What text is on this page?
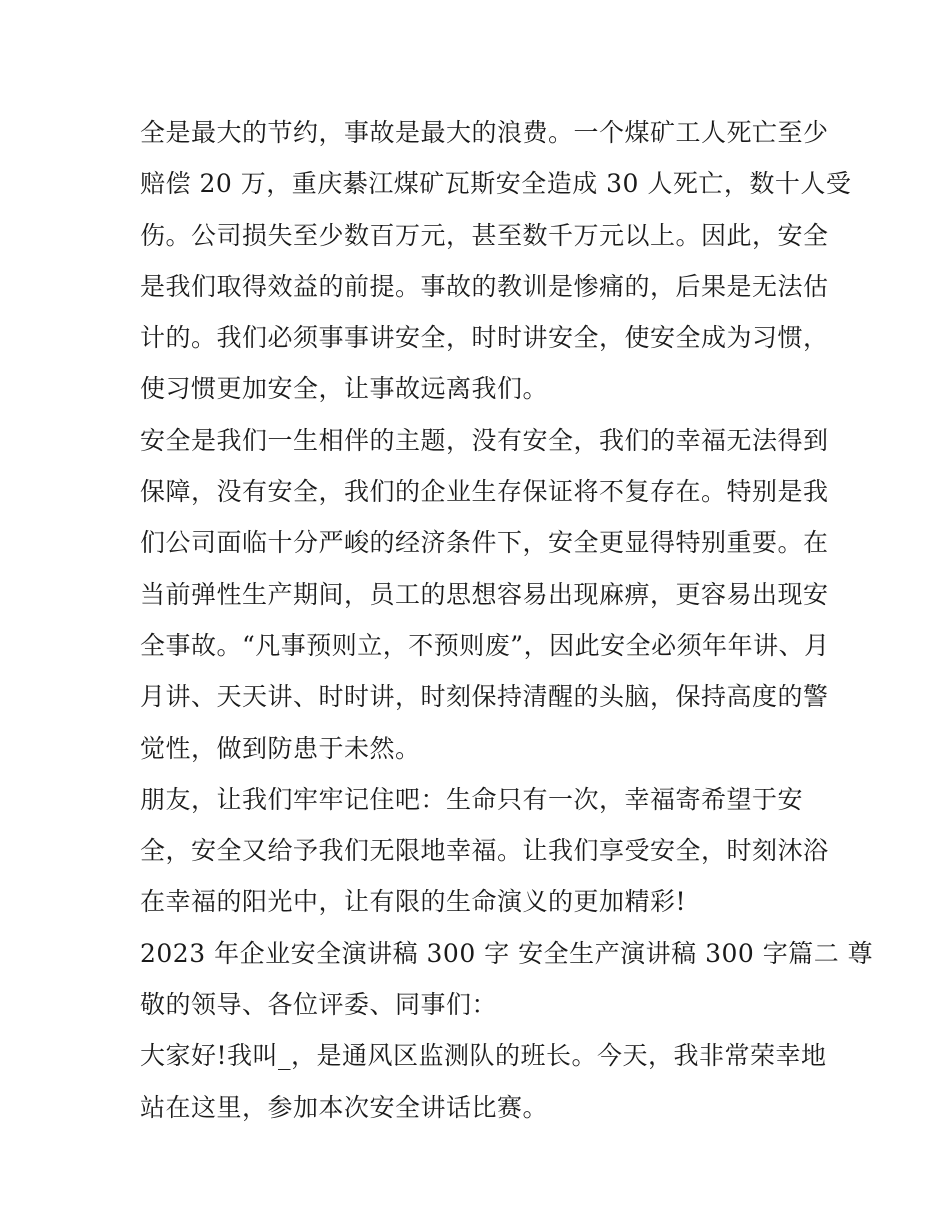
全是最大的节约，事故是最大的浪费。一个煤矿工人死亡至少
赔偿 20 万，重庆綦江煤矿瓦斯安全造成 30 人死亡，数十人受
伤。公司损失至少数百万元，甚至数千万元以上。因此，安全
是我们取得效益的前提。事故的教训是惨痛的，后果是无法估
计的。我们必须事事讲安全，时时讲安全，使安全成为习惯，
使习惯更加安全，让事故远离我们。
安全是我们一生相伴的主题，没有安全，我们的幸福无法得到
保障，没有安全，我们的企业生存保证将不复存在。特别是我
们公司面临十分严峻的经济条件下，安全更显得特别重要。在
当前弹性生产期间，员工的思想容易出现麻痹，更容易出现安
全事故。“凡事预则立，不预则废”，因此安全必须年年讲、月
月讲、天天讲、时时讲，时刻保持清醒的头脑，保持高度的警
觉性，做到防患于未然。
朋友，让我们牢牢记住吧：生命只有一次，幸福寄希望于安
全，安全又给予我们无限地幸福。让我们享受安全，时刻沐浴
在幸福的阳光中，让有限的生命演义的更加精彩!
2023 年企业安全演讲稿 300 字 安全生产演讲稿 300 字篇二 尊
敬的领导、各位评委、同事们：
大家好!我叫_，是通风区监测队的班长。今天，我非常荣幸地
站在这里，参加本次安全讲话比赛。
